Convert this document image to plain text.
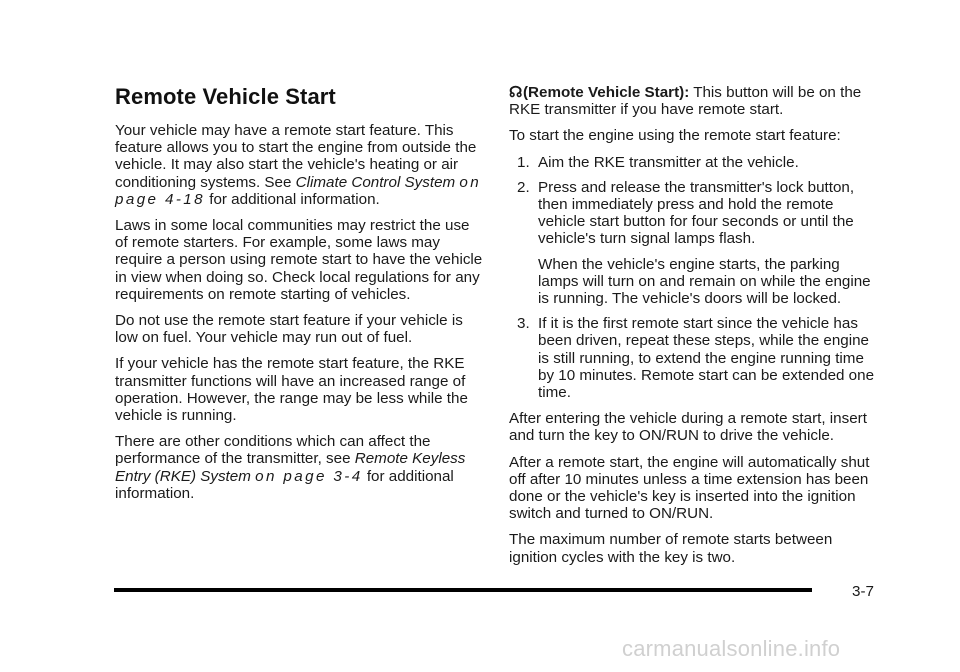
Remote Vehicle Start

Your vehicle may have a remote start feature. This feature allows you to start the engine from outside the vehicle. It may also start the vehicle's heating or air conditioning systems. See Climate Control System on page 4-18 for additional information.

Laws in some local communities may restrict the use of remote starters. For example, some laws may require a person using remote start to have the vehicle in view when doing so. Check local regulations for any requirements on remote starting of vehicles.

Do not use the remote start feature if your vehicle is low on fuel. Your vehicle may run out of fuel.

If your vehicle has the remote start feature, the RKE transmitter functions will have an increased range of operation. However, the range may be less while the vehicle is running.

There are other conditions which can affect the performance of the transmitter, see Remote Keyless Entry (RKE) System on page 3-4 for additional information.

☊(Remote Vehicle Start): This button will be on the RKE transmitter if you have remote start.

To start the engine using the remote start feature:

1. Aim the RKE transmitter at the vehicle.
2. Press and release the transmitter's lock button, then immediately press and hold the remote vehicle start button for four seconds or until the vehicle's turn signal lamps flash.

When the vehicle's engine starts, the parking lamps will turn on and remain on while the engine is running. The vehicle's doors will be locked.

3. If it is the first remote start since the vehicle has been driven, repeat these steps, while the engine is still running, to extend the engine running time by 10 minutes. Remote start can be extended one time.

After entering the vehicle during a remote start, insert and turn the key to ON/RUN to drive the vehicle.

After a remote start, the engine will automatically shut off after 10 minutes unless a time extension has been done or the vehicle's key is inserted into the ignition switch and turned to ON/RUN.

The maximum number of remote starts between ignition cycles with the key is two.

3-7
carmanualsonline.info
